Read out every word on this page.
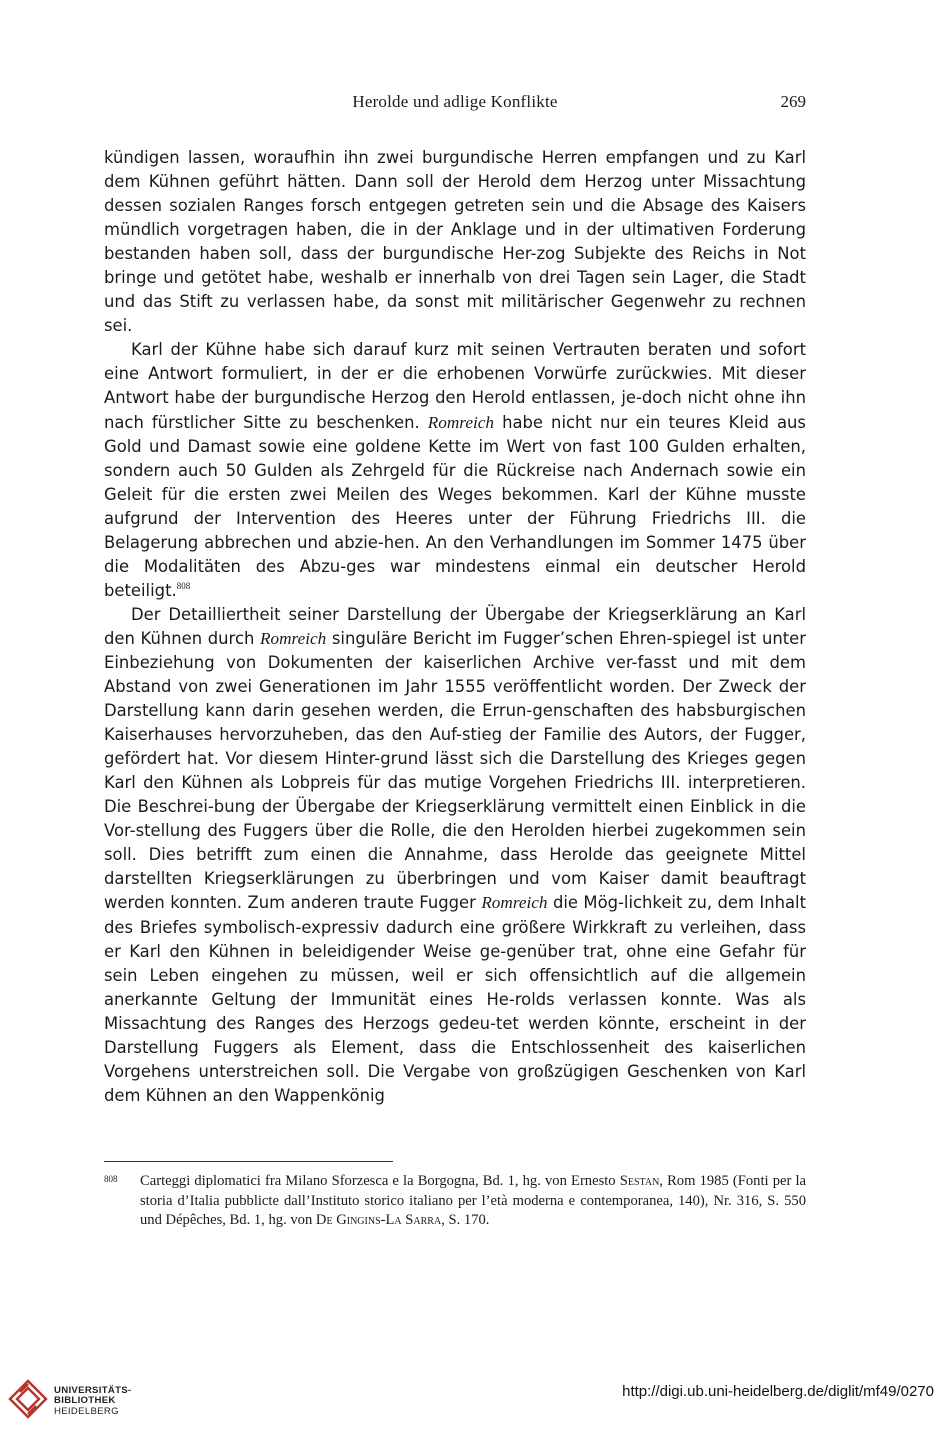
Herolde und adlige Konflikte	269

kündigen lassen, woraufhin ihn zwei burgundische Herren empfangen und zu Karl dem Kühnen geführt hätten. Dann soll der Herold dem Herzog unter Missachtung dessen sozialen Ranges forsch entgegen getreten sein und die Absage des Kaisers mündlich vorgetragen haben, die in der Anklage und in der ultimativen Forderung bestanden haben soll, dass der burgundische Her-zog Subjekte des Reichs in Not bringe und getötet habe, weshalb er innerhalb von drei Tagen sein Lager, die Stadt und das Stift zu verlassen habe, da sonst mit militärischer Gegenwehr zu rechnen sei.

Karl der Kühne habe sich darauf kurz mit seinen Vertrauten beraten und sofort eine Antwort formuliert, in der er die erhobenen Vorwürfe zurückwies. Mit dieser Antwort habe der burgundische Herzog den Herold entlassen, je-doch nicht ohne ihn nach fürstlicher Sitte zu beschenken. Romreich habe nicht nur ein teures Kleid aus Gold und Damast sowie eine goldene Kette im Wert von fast 100 Gulden erhalten, sondern auch 50 Gulden als Zehrgeld für die Rückreise nach Andernach sowie ein Geleit für die ersten zwei Meilen des Weges bekommen. Karl der Kühne musste aufgrund der Intervention des Heeres unter der Führung Friedrichs III. die Belagerung abbrechen und abzie-hen. An den Verhandlungen im Sommer 1475 über die Modalitäten des Abzu-ges war mindestens einmal ein deutscher Herold beteiligt.$^{808}$

Der Detailliertheit seiner Darstellung der Übergabe der Kriegserklärung an Karl den Kühnen durch Romreich singuläre Bericht im Fugger’schen Ehren-spiegel ist unter Einbeziehung von Dokumenten der kaiserlichen Archive ver-fasst und mit dem Abstand von zwei Generationen im Jahr 1555 veröffentlicht worden. Der Zweck der Darstellung kann darin gesehen werden, die Errun-genschaften des habsburgischen Kaiserhauses hervorzuheben, das den Auf-stieg der Familie des Autors, der Fugger, gefördert hat. Vor diesem Hinter-grund lässt sich die Darstellung des Krieges gegen Karl den Kühnen als Lobpreis für das mutige Vorgehen Friedrichs III. interpretieren. Die Beschrei-bung der Übergabe der Kriegserklärung vermittelt einen Einblick in die Vor-stellung des Fuggers über die Rolle, die den Herolden hierbei zugekommen sein soll. Dies betrifft zum einen die Annahme, dass Herolde das geeignete Mittel darstellten Kriegserklärungen zu überbringen und vom Kaiser damit beauftragt werden konnten. Zum anderen traute Fugger Romreich die Mög-lichkeit zu, dem Inhalt des Briefes symbolisch-expressiv dadurch eine größere Wirkkraft zu verleihen, dass er Karl den Kühnen in beleidigender Weise ge-genüber trat, ohne eine Gefahr für sein Leben eingehen zu müssen, weil er sich offensichtlich auf die allgemein anerkannte Geltung der Immunität eines He-rolds verlassen konnte. Was als Missachtung des Ranges des Herzogs gedeu-tet werden könnte, erscheint in der Darstellung Fuggers als Element, dass die Entschlossenheit des kaiserlichen Vorgehens unterstreichen soll. Die Vergabe von großzügigen Geschenken von Karl dem Kühnen an den Wappenkönig

808 Carteggi diplomatici fra Milano Sforzesca e la Borgogna, Bd. 1, hg. von Ernesto Sestan, Rom 1985 (Fonti per la storia d’Italia pubblicte dall’Instituto storico italiano per l’età moderna e contemporanea, 140), Nr. 316, S. 550 und Dépêches, Bd. 1, hg. von De Gingins-La Sarra, S. 170.
UNIVERSITÄTS-
BIBLIOTHEK
HEIDELBERG
http://digi.ub.uni-heidelberg.de/diglit/mf49/0270
